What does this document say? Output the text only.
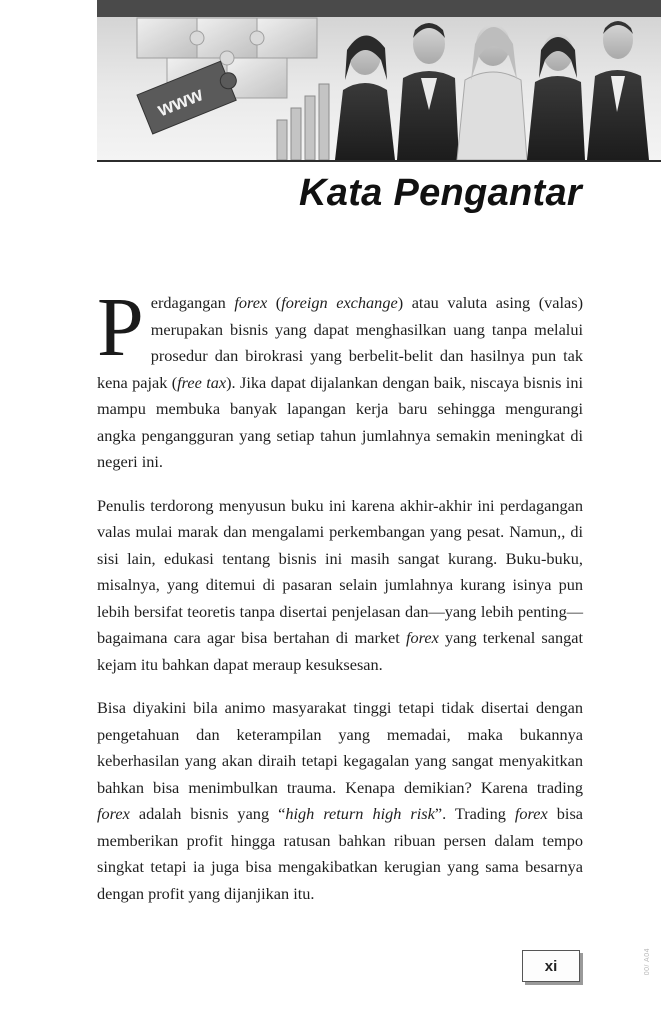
www
Kata Pengantar

P erdagangan forex (foreign exchange) atau valuta asing (valas) merupakan bisnis yang dapat menghasilkan uang tanpa melalui prosedur dan birokrasi yang berbelit-belit dan hasilnya pun tak kena pajak (free tax). Jika dapat dijalankan dengan baik, niscaya bisnis ini mampu membuka banyak lapangan kerja baru sehingga mengurangi angka pengangguran yang setiap tahun jumlahnya semakin meningkat di negeri ini.

Penulis terdorong menyusun buku ini karena akhir-akhir ini perdagangan valas mulai marak dan mengalami perkembangan yang pesat. Namun,, di sisi lain, edukasi tentang bisnis ini masih sangat kurang. Buku-buku, misalnya, yang ditemui di pasaran selain jumlahnya kurang isinya pun lebih bersifat teoretis tanpa disertai penjelasan dan—yang lebih penting—bagaimana cara agar bisa bertahan di market forex yang terkenal sangat kejam itu bahkan dapat meraup kesuksesan.

Bisa diyakini bila animo masyarakat tinggi tetapi tidak disertai dengan pengetahuan dan keterampilan yang memadai, maka bukannya keberhasilan yang akan diraih tetapi kegagalan yang sangat menyakitkan bahkan bisa menimbulkan trauma. Kenapa demikian? Karena trading forex adalah bisnis yang “high return high risk”. Trading forex bisa memberikan profit hingga ratusan bahkan ribuan persen dalam tempo singkat tetapi ia juga bisa mengakibatkan kerugian yang sama besarnya dengan profit yang dijanjikan itu.

xi	00/ A04
